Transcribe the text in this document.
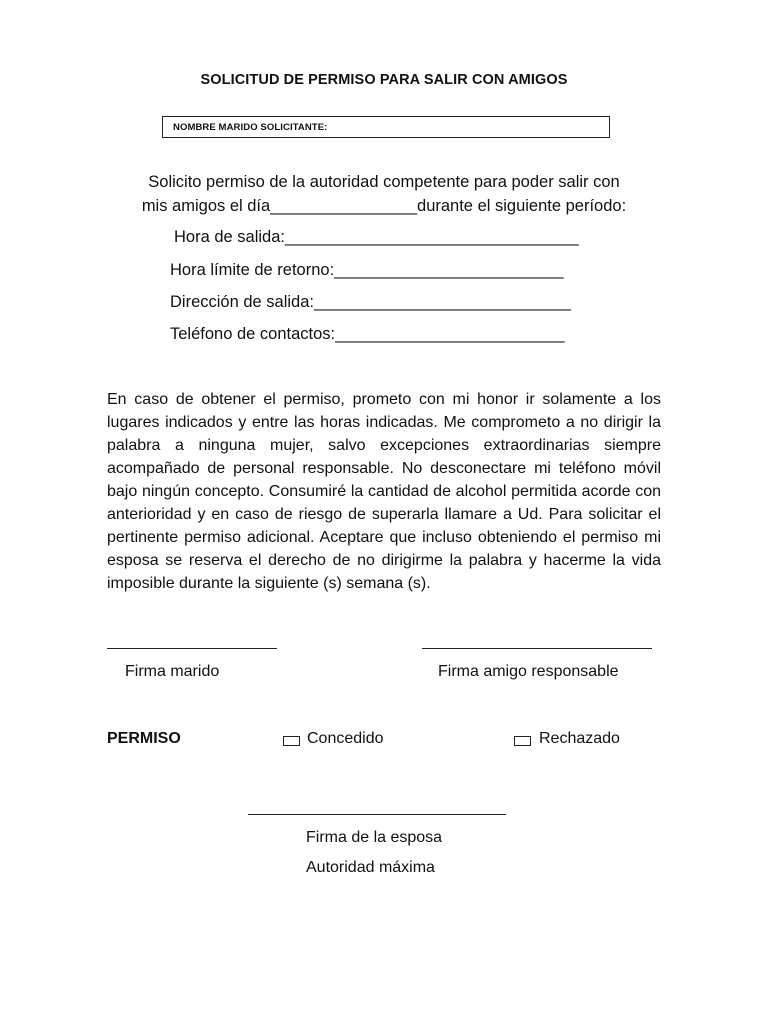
SOLICITUD DE PERMISO PARA SALIR CON AMIGOS
NOMBRE MARIDO SOLICITANTE:
Solicito permiso de la autoridad competente para poder salir con
mis amigos el día________________durante el siguiente período:
Hora de salida:________________________________
Hora límite de retorno:_________________________
Dirección de salida:____________________________
Teléfono de contactos:_________________________
En caso de obtener el permiso, prometo con mi honor ir solamente a los lugares indicados y entre las horas indicadas. Me comprometo a no dirigir la palabra a ninguna mujer, salvo excepciones extraordinarias siempre acompañado de personal responsable. No desconectare mi teléfono móvil bajo ningún concepto. Consumiré la cantidad de alcohol permitida acorde con anterioridad y en caso de riesgo de superarla llamare a Ud. Para solicitar el pertinente permiso adicional. Aceptare que incluso obteniendo el permiso mi esposa se reserva el derecho de no dirigirme la palabra y hacerme la vida imposible durante la siguiente (s) semana (s).
Firma marido	Firma amigo responsable
PERMISO	Concedido	Rechazado
Firma de la esposa
Autoridad máxima
